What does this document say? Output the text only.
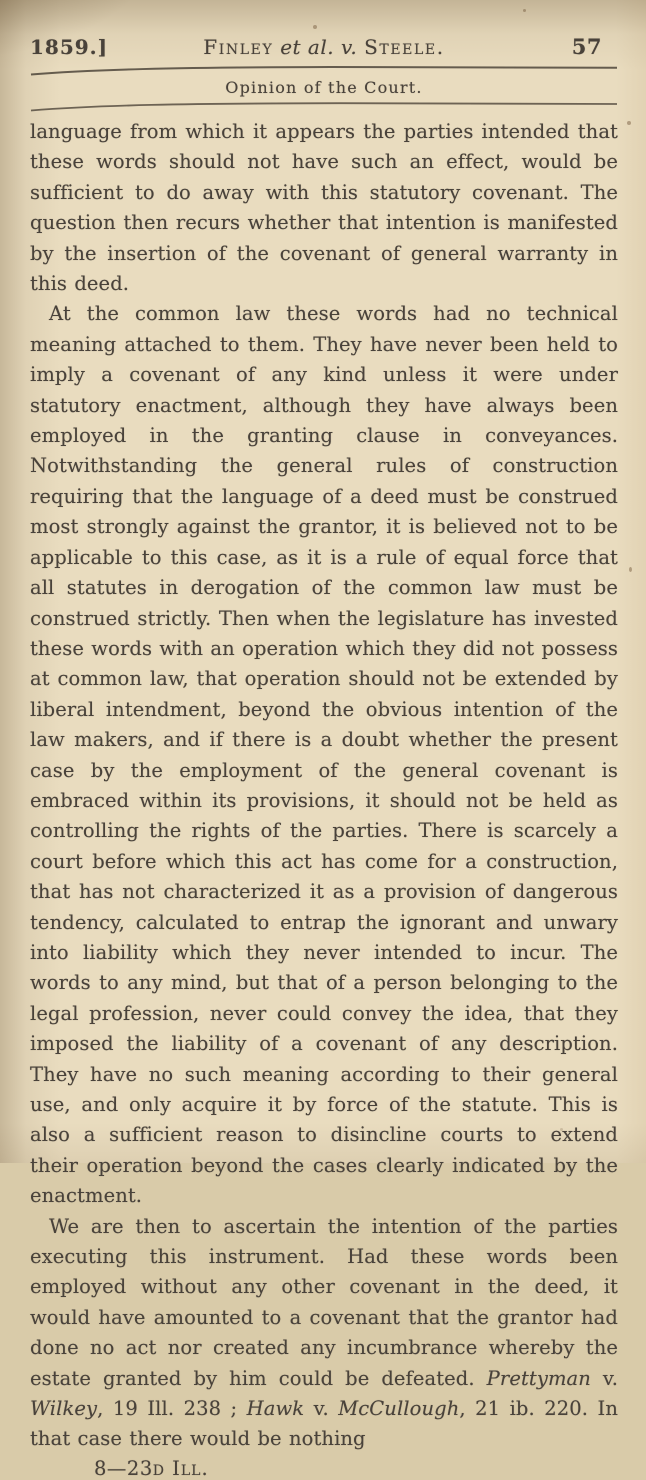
1859.]	Finley et al. v. Steele.	57
Opinion of the Court.

language from which it appears the parties intended that these words should not have such an effect, would be sufficient to do away with this statutory covenant. The question then recurs whether that intention is manifested by the insertion of the covenant of general warranty in this deed.

At the common law these words had no technical meaning attached to them. They have never been held to imply a covenant of any kind unless it were under statutory enactment, although they have always been employed in the granting clause in conveyances. Notwithstanding the general rules of construction requiring that the language of a deed must be construed most strongly against the grantor, it is believed not to be applicable to this case, as it is a rule of equal force that all statutes in derogation of the common law must be construed strictly. Then when the legislature has invested these words with an operation which they did not possess at common law, that operation should not be extended by liberal intendment, beyond the obvious intention of the law makers, and if there is a doubt whether the present case by the employment of the general covenant is embraced within its provisions, it should not be held as controlling the rights of the parties. There is scarcely a court before which this act has come for a construction, that has not characterized it as a provision of dangerous tendency, calculated to entrap the ignorant and unwary into liability which they never intended to incur. The words to any mind, but that of a person belonging to the legal profession, never could convey the idea, that they imposed the liability of a covenant of any description. They have no such meaning according to their general use, and only acquire it by force of the statute. This is also a sufficient reason to disincline courts to extend their operation beyond the cases clearly indicated by the enactment.

We are then to ascertain the intention of the parties executing this instrument. Had these words been employed without any other covenant in the deed, it would have amounted to a covenant that the grantor had done no act nor created any incumbrance whereby the estate granted by him could be defeated. Prettyman v. Wilkey, 19 Ill. 238 ; Hawk v. McCullough, 21 ib. 220. In that case there would be nothing

8—23d Ill.
